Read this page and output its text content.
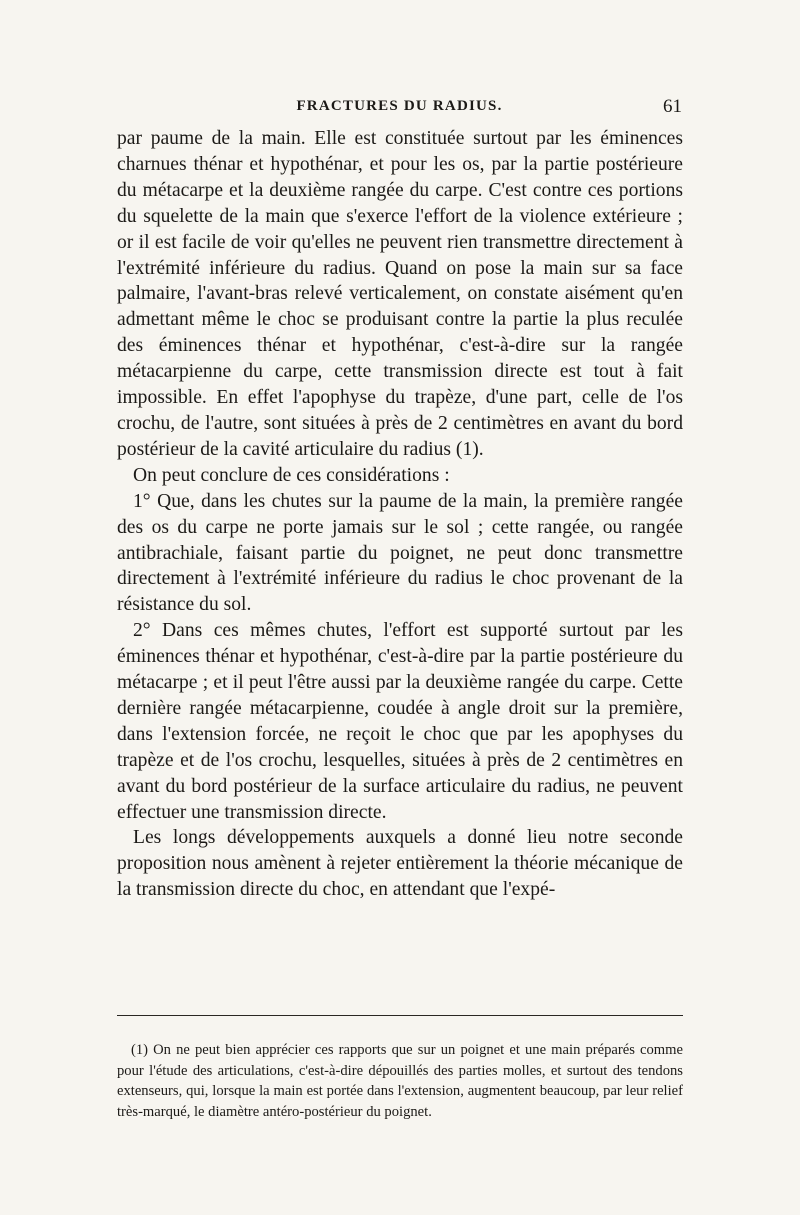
FRACTURES DU RADIUS.	61

par paume de la main. Elle est constituée surtout par les éminences charnues thénar et hypothénar, et pour les os, par la partie postérieure du métacarpe et la deuxième rangée du carpe. C'est contre ces portions du squelette de la main que s'exerce l'effort de la violence extérieure ; or il est facile de voir qu'elles ne peuvent rien transmettre directement à l'extrémité inférieure du radius. Quand on pose la main sur sa face palmaire, l'avant-bras relevé verticalement, on constate aisément qu'en admettant même le choc se produisant contre la partie la plus reculée des éminences thénar et hypothénar, c'est-à-dire sur la rangée métacarpienne du carpe, cette transmission directe est tout à fait impossible. En effet l'apophyse du trapèze, d'une part, celle de l'os crochu, de l'autre, sont situées à près de 2 centimètres en avant du bord postérieur de la cavité articulaire du radius (1).

On peut conclure de ces considérations :

1° Que, dans les chutes sur la paume de la main, la première rangée des os du carpe ne porte jamais sur le sol ; cette rangée, ou rangée antibrachiale, faisant partie du poignet, ne peut donc transmettre directement à l'extrémité inférieure du radius le choc provenant de la résistance du sol.

2° Dans ces mêmes chutes, l'effort est supporté surtout par les éminences thénar et hypothénar, c'est-à-dire par la partie postérieure du métacarpe ; et il peut l'être aussi par la deuxième rangée du carpe. Cette dernière rangée métacarpienne, coudée à angle droit sur la première, dans l'extension forcée, ne reçoit le choc que par les apophyses du trapèze et de l'os crochu, lesquelles, situées à près de 2 centimètres en avant du bord postérieur de la surface articulaire du radius, ne peuvent effectuer une transmission directe.

Les longs développements auxquels a donné lieu notre seconde proposition nous amènent à rejeter entièrement la théorie mécanique de la transmission directe du choc, en attendant que l'expé-

(1) On ne peut bien apprécier ces rapports que sur un poignet et une main préparés comme pour l'étude des articulations, c'est-à-dire dépouillés des parties molles, et surtout des tendons extenseurs, qui, lorsque la main est portée dans l'extension, augmentent beaucoup, par leur relief très-marqué, le diamètre antéro-postérieur du poignet.
